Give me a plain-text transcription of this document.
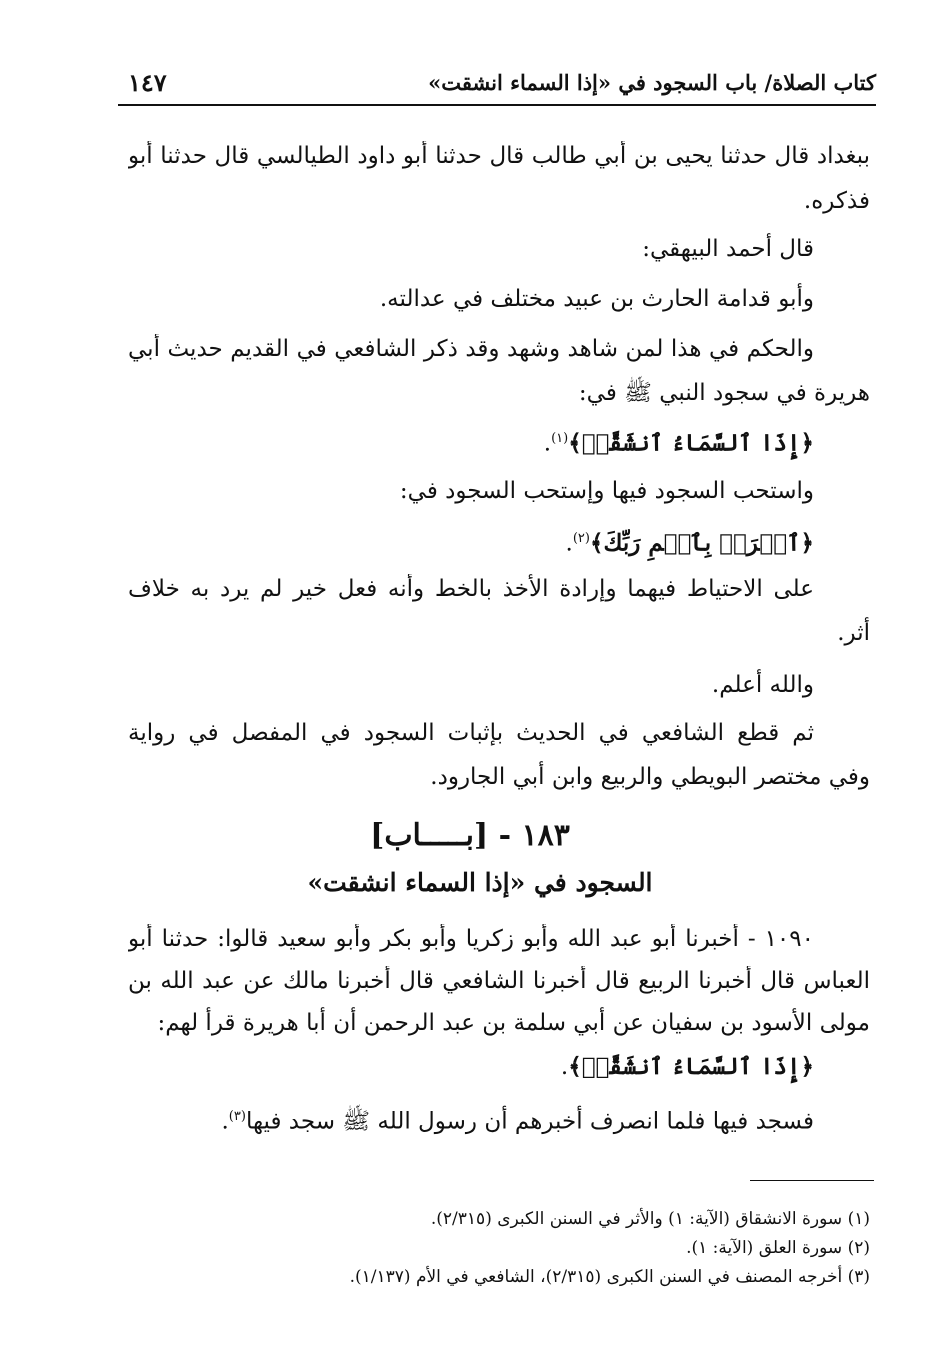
كتاب الصلاة/ باب السجود في «إذا السماء انشقت»
١٤٧
ببغداد قال حدثنا يحيى بن أبي طالب قال حدثنا أبو داود الطيالسي قال حدثنا أبو
فذكره.
قال أحمد البيهقي:
وأبو قدامة الحارث بن عبيد مختلف في عدالته.
والحكم في هذا لمن شاهد وشهد وقد ذكر الشافعي في القديم حديث أبي
هريرة في سجود النبي ﷺ في:
﴿إِذَا ٱلسَّمَاءُ ٱنشَقَّتۡ﴾$^{(١)}$.
واستحب السجود فيها وإستحب السجود في:
﴿ٱقۡرَأۡ بِٱسۡمِ رَبِّكَ﴾$^{(٢)}$.
على الاحتياط فيهما وإرادة الأخذ بالخط وأنه فعل خير لم يرد به خلاف
أثر.
والله أعلم.
ثم قطع الشافعي في الحديث بإثبات السجود في المفصل في رواية
وفي مختصر البويطي والربيع وابن أبي الجارود.
١٨٣ - [بـــــاب]
السجود في «إذا السماء انشقت»
١٠٩٠ - أخبرنا أبو عبد الله وأبو زكريا وأبو بكر وأبو سعيد قالوا: حدثنا أبو
العباس قال أخبرنا الربيع قال أخبرنا الشافعي قال أخبرنا مالك عن عبد الله بن
مولى الأسود بن سفيان عن أبي سلمة بن عبد الرحمن أن أبا هريرة قرأ لهم:
﴿إِذَا ٱلسَّمَاءُ ٱنشَقَّتۡ﴾.
فسجد فيها فلما انصرف أخبرهم أن رسول الله ﷺ سجد فيها$^{(٣)}$.
(١) سورة الانشقاق (الآية: ١) والأثر في السنن الكبرى (٢/٣١٥).
(٢) سورة العلق (الآية: ١).
(٣) أخرجه المصنف في السنن الكبرى (٢/٣١٥)، الشافعي في الأم (١/١٣٧).
